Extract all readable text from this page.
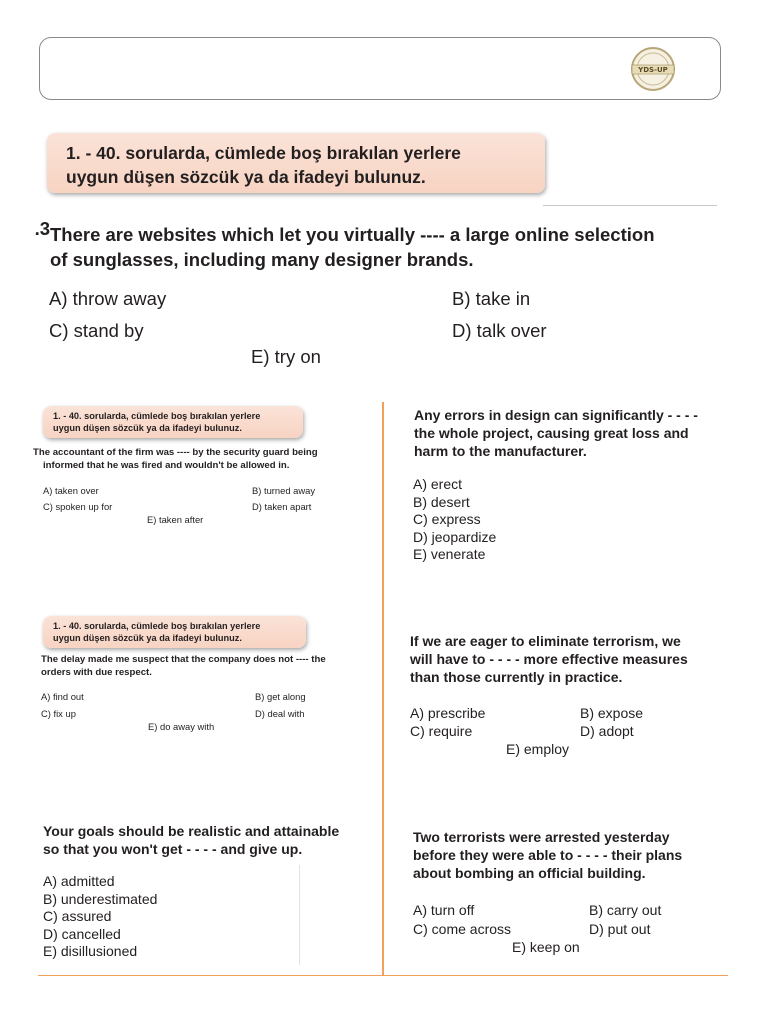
YDS-UP
1. - 40. sorularda, cümlede boş bırakılan yerlere
uygun düşen sözcük ya da ifadeyi bulunuz.
3.There are websites which let you virtually ---- a large online selection
of sunglasses, including many designer brands.
A) throw away	B) take in
C) stand by	D) talk over
E) try on
1. - 40. sorularda, cümlede boş bırakılan yerlere
uygun düşen sözcük ya da ifadeyi bulunuz.
The accountant of the firm was ---- by the security guard being
informed that he was fired and wouldn't be allowed in.
A) taken over	B) turned away
C) spoken up for	D) taken apart
E) taken after
Any errors in design can significantly - - - -
the whole project, causing great loss and
harm to the manufacturer.
A) erect
B) desert
C) express
D) jeopardize
E) venerate
1. - 40. sorularda, cümlede boş bırakılan yerlere
uygun düşen sözcük ya da ifadeyi bulunuz.
The delay made me suspect that the company does not ---- the
orders with due respect.
A) find out	B) get along
C) fix up	D) deal with
E) do away with
If we are eager to eliminate terrorism, we
will have to - - - - more effective measures
than those currently in practice.
A) prescribe	B) expose
C) require	D) adopt
E) employ
Your goals should be realistic and attainable
so that you won't get - - - - and give up.
A) admitted
B) underestimated
C) assured
D) cancelled
E) disillusioned
Two terrorists were arrested yesterday
before they were able to - - - - their plans
about bombing an official building.
A) turn off	B) carry out
C) come across	D) put out
E) keep on
